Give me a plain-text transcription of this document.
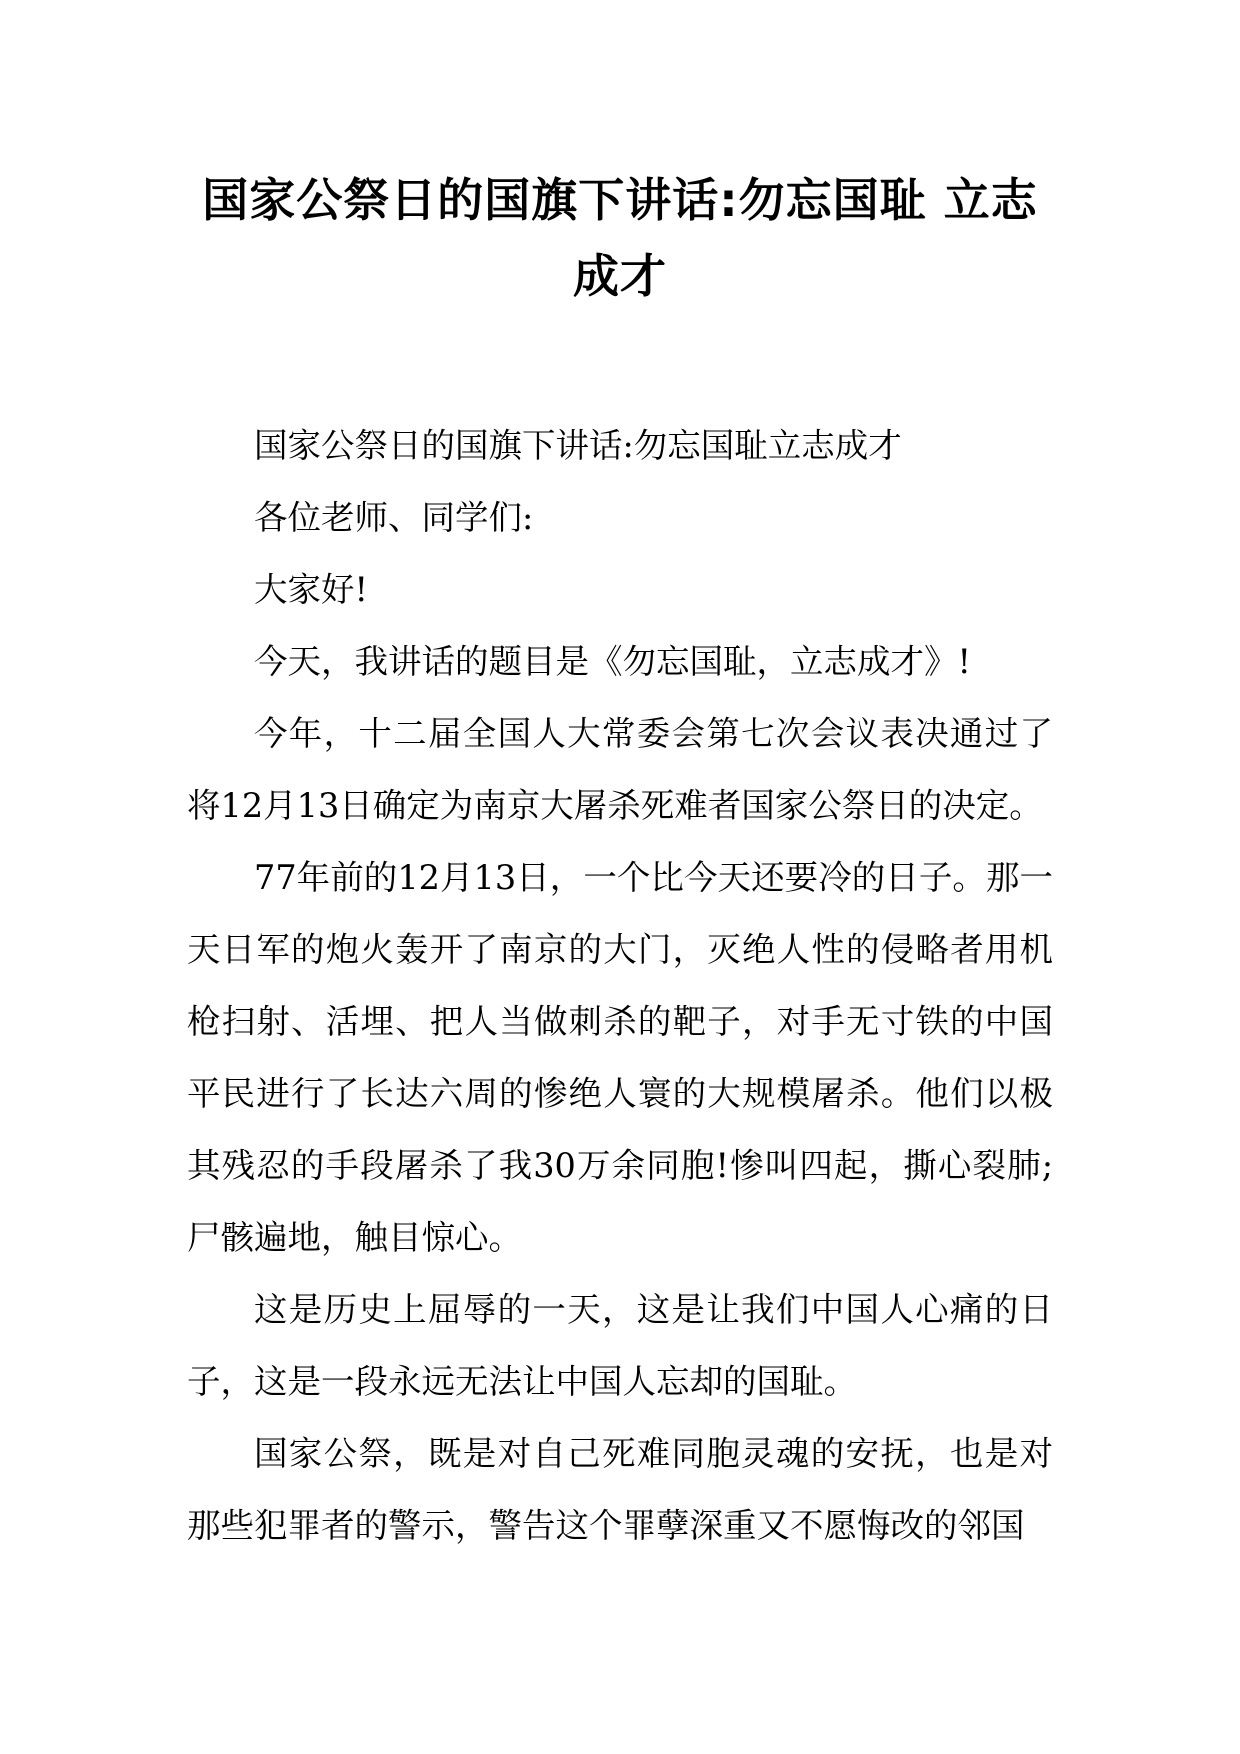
国家公祭日的国旗下讲话:勿忘国耻 立志成才

国家公祭日的国旗下讲话:勿忘国耻立志成才

各位老师、同学们:

大家好!

今天，我讲话的题目是《勿忘国耻，立志成才》!

今年，十二届全国人大常委会第七次会议表决通过了将12月13日确定为南京大屠杀死难者国家公祭日的决定。

77年前的12月13日，一个比今天还要冷的日子。那一天日军的炮火轰开了南京的大门，灭绝人性的侵略者用机枪扫射、活埋、把人当做刺杀的靶子，对手无寸铁的中国平民进行了长达六周的惨绝人寰的大规模屠杀。他们以极其残忍的手段屠杀了我30万余同胞!惨叫四起，撕心裂肺;尸骸遍地，触目惊心。

这是历史上屈辱的一天，这是让我们中国人心痛的日子，这是一段永远无法让中国人忘却的国耻。

国家公祭，既是对自己死难同胞灵魂的安抚，也是对那些犯罪者的警示，警告这个罪孽深重又不愿悔改的邻国
